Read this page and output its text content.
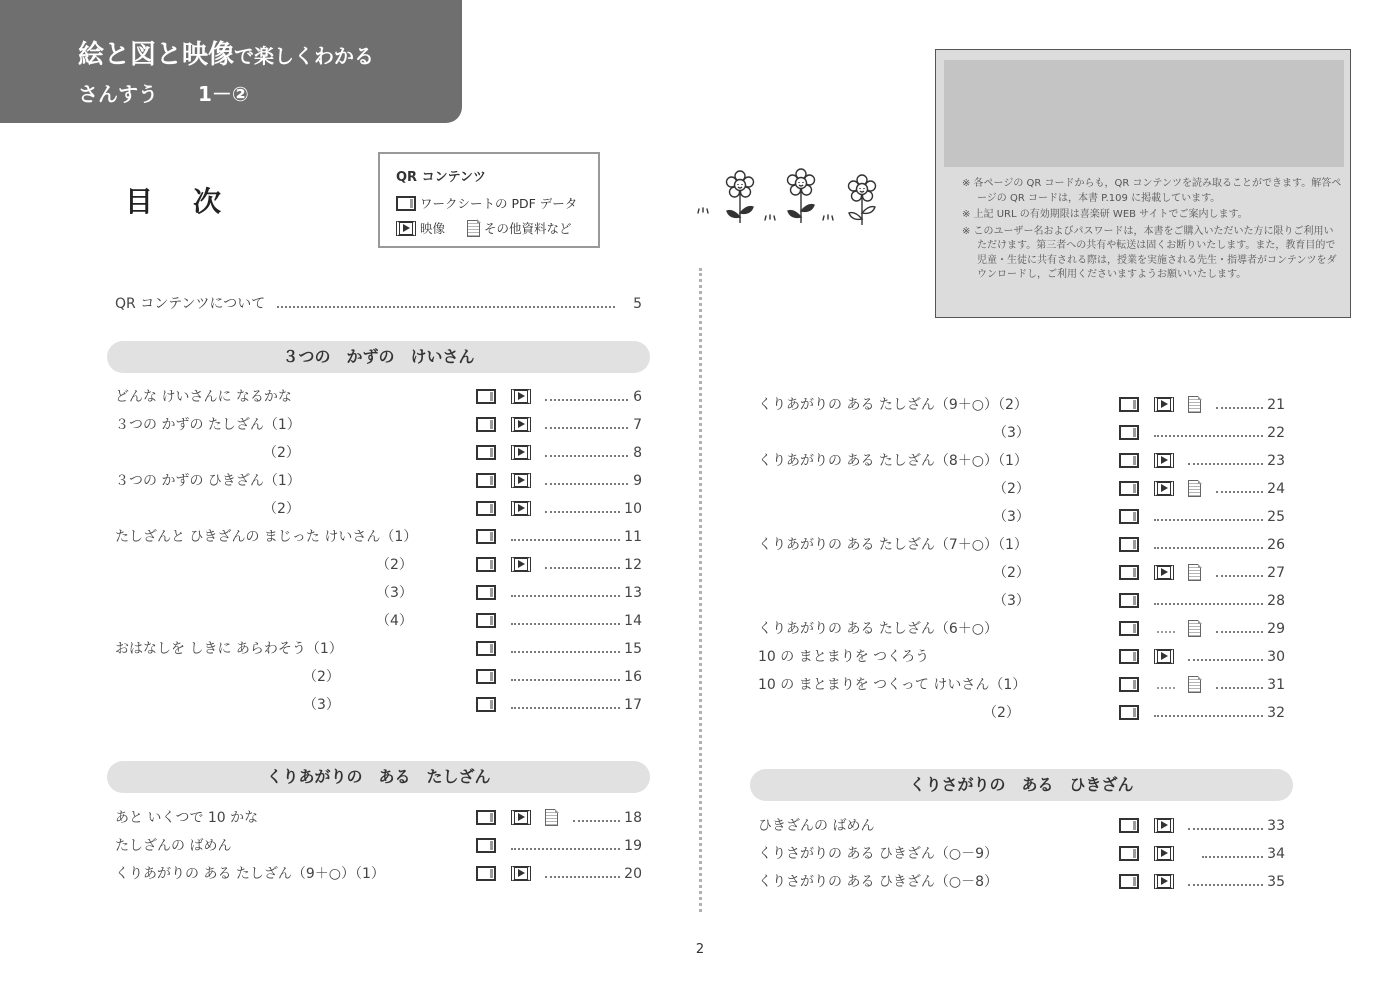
絵と図と映像で楽しくわかる
さんすう 1－②
目次
QR コンテンツ
ワークシートの PDF データ
映像	その他資料など
※ 各ページの QR コードからも，QR コンテンツを読み取ることができます。解答ページの QR コードは，本書 P.109 に掲載しています。
※ 上記 URL の有効期限は喜楽研 WEB サイトでご案内します。
※ このユーザー名およびパスワードは，本書をご購入いただいた方に限りご利用いただけます。第三者への共有や転送は固くお断りいたします。また，教育目的で児童・生徒に共有される際は，授業を実施される先生・指導者がコンテンツをダウンロードし，ご利用くださいますようお願いいたします。
QR コンテンツについて	5
３つの　かずの　けいさん
どんな けいさんに なるかな	6
３つの かずの たしざん（1）	7
（2）	8
３つの かずの ひきざん（1）	9
（2）	10
たしざんと ひきざんの まじった けいさん（1）	11
（2）	12
（3）	13
（4）	14
おはなしを しきに あらわそう（1）	15
（2）	16
（3）	17
くりあがりの　ある　たしざん
あと いくつで 10 かな	18
たしざんの ばめん	19
くりあがりの ある たしざん（9＋○）（1）	20
くりあがりの ある たしざん（9＋○）（2）	21
（3）	22
くりあがりの ある たしざん（8＋○）（1）	23
（2）	24
（3）	25
くりあがりの ある たしざん（7＋○）（1）	26
（2）	27
（3）	28
くりあがりの ある たしざん（6＋○）	29
10 の まとまりを つくろう	30
10 の まとまりを つくって けいさん（1）	31
（2）	32
くりさがりの　ある　ひきざん
ひきざんの ばめん	33
くりさがりの ある ひきざん（○－9）	34
くりさがりの ある ひきざん（○－8）	35
2
